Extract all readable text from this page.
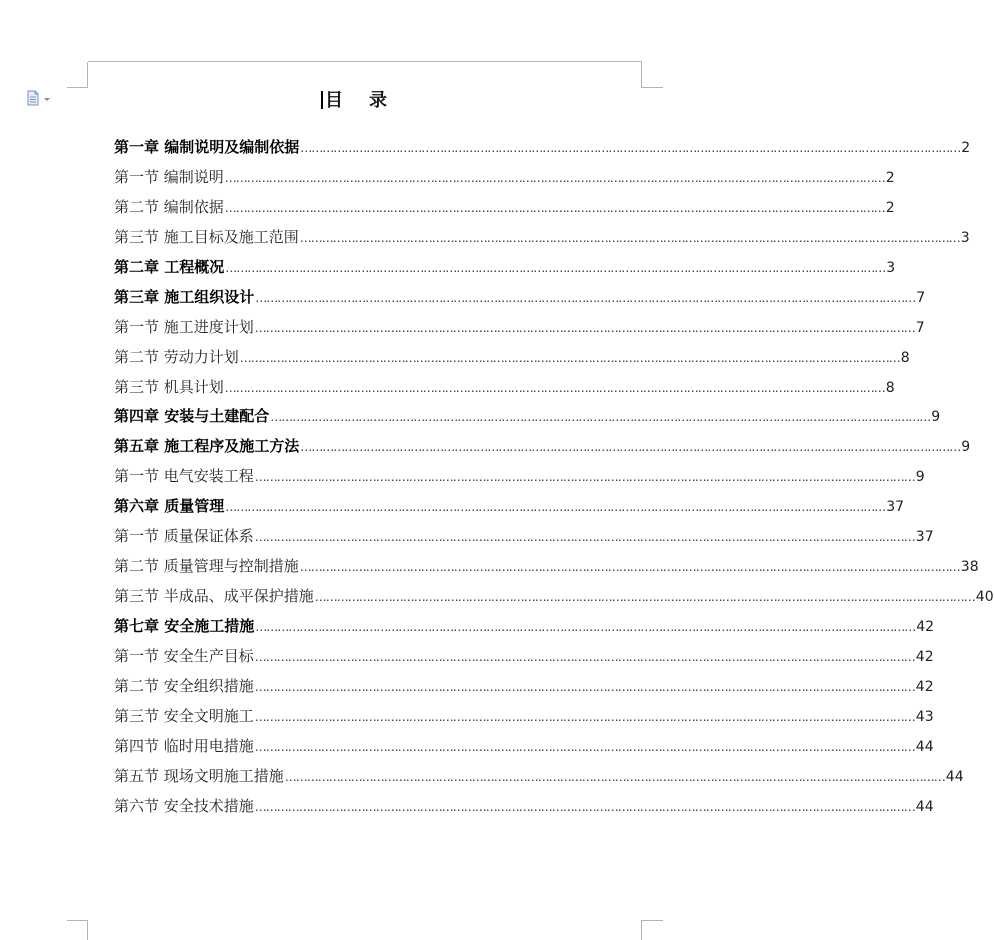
目 录
第一章 编制说明及编制依据 ……………………………………………………………………………………………………………………………………………………………… 2
第一节 编制说明 ……………………………………………………………………………………………………………………………………………………………… 2
第二节 编制依据 ……………………………………………………………………………………………………………………………………………………………… 2
第三节 施工目标及施工范围 ……………………………………………………………………………………………………………………………………………………………… 3
第二章 工程概况 ……………………………………………………………………………………………………………………………………………………………… 3
第三章 施工组织设计 ……………………………………………………………………………………………………………………………………………………………… 7
第一节 施工进度计划 ……………………………………………………………………………………………………………………………………………………………… 7
第二节 劳动力计划 ……………………………………………………………………………………………………………………………………………………………… 8
第三节 机具计划 ……………………………………………………………………………………………………………………………………………………………… 8
第四章 安装与土建配合 ……………………………………………………………………………………………………………………………………………………………… 9
第五章 施工程序及施工方法 ……………………………………………………………………………………………………………………………………………………………… 9
第一节 电气安装工程 ……………………………………………………………………………………………………………………………………………………………… 9
第六章 质量管理 ……………………………………………………………………………………………………………………………………………………………… 37
第一节 质量保证体系 ……………………………………………………………………………………………………………………………………………………………… 37
第二节 质量管理与控制措施 ……………………………………………………………………………………………………………………………………………………………… 38
第三节 半成品、成平保护措施 ……………………………………………………………………………………………………………………………………………………………… 40
第七章 安全施工措施 ……………………………………………………………………………………………………………………………………………………………… 42
第一节 安全生产目标 ……………………………………………………………………………………………………………………………………………………………… 42
第二节 安全组织措施 ……………………………………………………………………………………………………………………………………………………………… 42
第三节 安全文明施工 ……………………………………………………………………………………………………………………………………………………………… 43
第四节 临时用电措施 ……………………………………………………………………………………………………………………………………………………………… 44
第五节 现场文明施工措施 ……………………………………………………………………………………………………………………………………………………………… 44
第六节 安全技术措施 ……………………………………………………………………………………………………………………………………………………………… 44
